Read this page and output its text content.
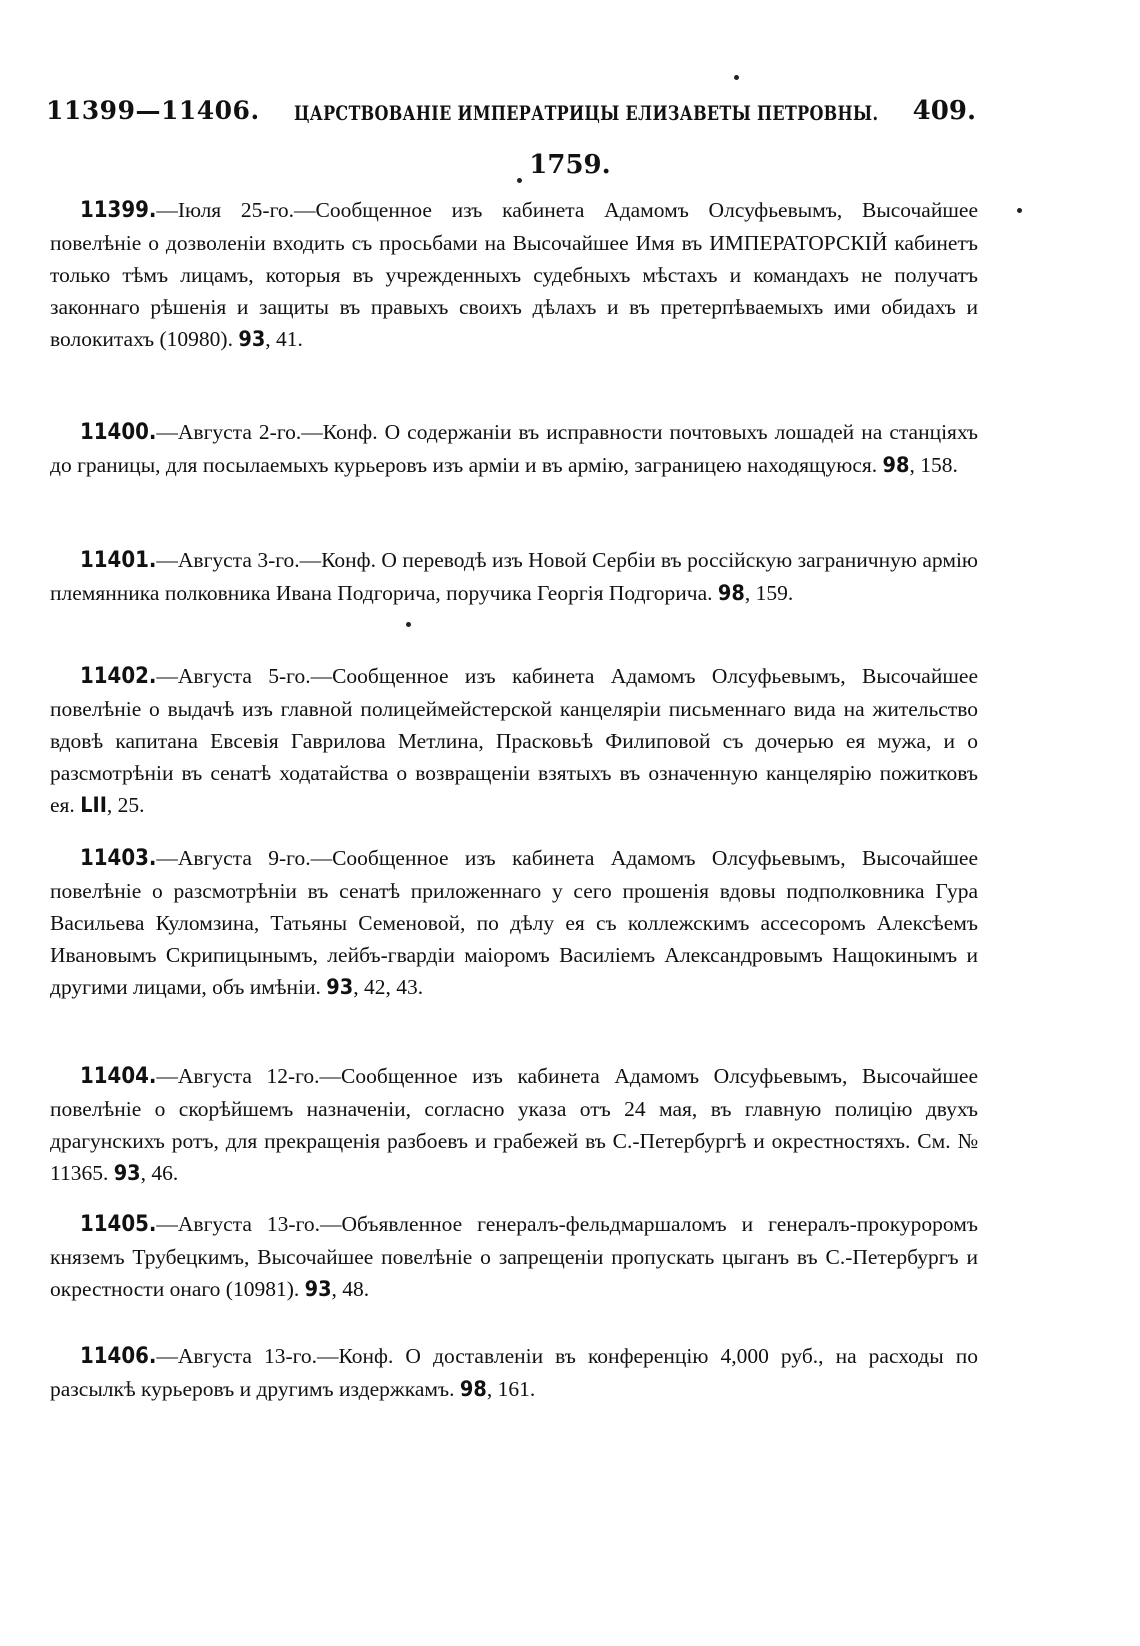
11399—11406. ЦАРСТВОВАНІЕ ИМПЕРАТРИЦЫ ЕЛИЗАВЕТЫ ПЕТРОВНЫ. 409.
1759.

11399.—Іюля 25-го.—Сообщенное изъ кабинета Адамомъ Олсуфьевымъ, Высочайшее повелѣніе о дозволеніи входить съ просьбами на Высочайшее Имя въ ИМПЕРАТОРСКІЙ кабинетъ только тѣмъ лицамъ, которыя въ учрежденныхъ судебныхъ мѣстахъ и командахъ не получатъ законнаго рѣшенія и защиты въ правыхъ своихъ дѣлахъ и въ претерпѣваемыхъ ими обидахъ и волокитахъ (10980). 93, 41.

11400.—Августа 2-го.—Конф. О содержаніи въ исправности почтовыхъ лошадей на станціяхъ до границы, для посылаемыхъ курьеровъ изъ арміи и въ армію, заграницею находящуюся. 98, 158.

11401.—Августа 3-го.—Конф. О переводѣ изъ Новой Сербіи въ россійскую заграничную армію племянника полковника Ивана Подгорича, поручика Георгія Подгорича. 98, 159.

11402.—Августа 5-го.—Сообщенное изъ кабинета Адамомъ Олсуфьевымъ, Высочайшее повелѣніе о выдачѣ изъ главной полицеймейстерской канцеляріи письменнаго вида на жительство вдовѣ капитана Евсевія Гаврилова Метлина, Прасковьѣ Филиповой съ дочерью ея мужа, и о разсмотрѣніи въ сенатѣ ходатайства о возвращеніи взятыхъ въ означенную канцелярію пожитковъ ея. LII, 25.

11403.—Августа 9-го.—Сообщенное изъ кабинета Адамомъ Олсуфьевымъ, Высочайшее повелѣніе о разсмотрѣніи въ сенатѣ приложеннаго у сего прошенія вдовы подполковника Гура Васильева Куломзина, Татьяны Семеновой, по дѣлу ея съ коллежскимъ ассесоромъ Алексѣемъ Ивановымъ Скрипицынымъ, лейбъ-гвардіи маіоромъ Василіемъ Александровымъ Нащокинымъ и другими лицами, объ имѣніи. 93, 42, 43.

11404.—Августа 12-го.—Сообщенное изъ кабинета Адамомъ Олсуфьевымъ, Высочайшее повелѣніе о скорѣйшемъ назначеніи, согласно указа отъ 24 мая, въ главную полицію двухъ драгунскихъ ротъ, для прекращенія разбоевъ и грабежей въ С.-Петербургѣ и окрестностяхъ. См. № 11365. 93, 46.

11405.—Августа 13-го.—Объявленное генералъ-фельдмаршаломъ и генералъ-прокуроромъ княземъ Трубецкимъ, Высочайшее повелѣніе о запрещеніи пропускать цыганъ въ С.-Петербургъ и окрестности онаго (10981). 93, 48.

11406.—Августа 13-го.—Конф. О доставленіи въ конференцію 4,000 руб., на расходы по разсылкѣ курьеровъ и другимъ издержкамъ. 98, 161.
